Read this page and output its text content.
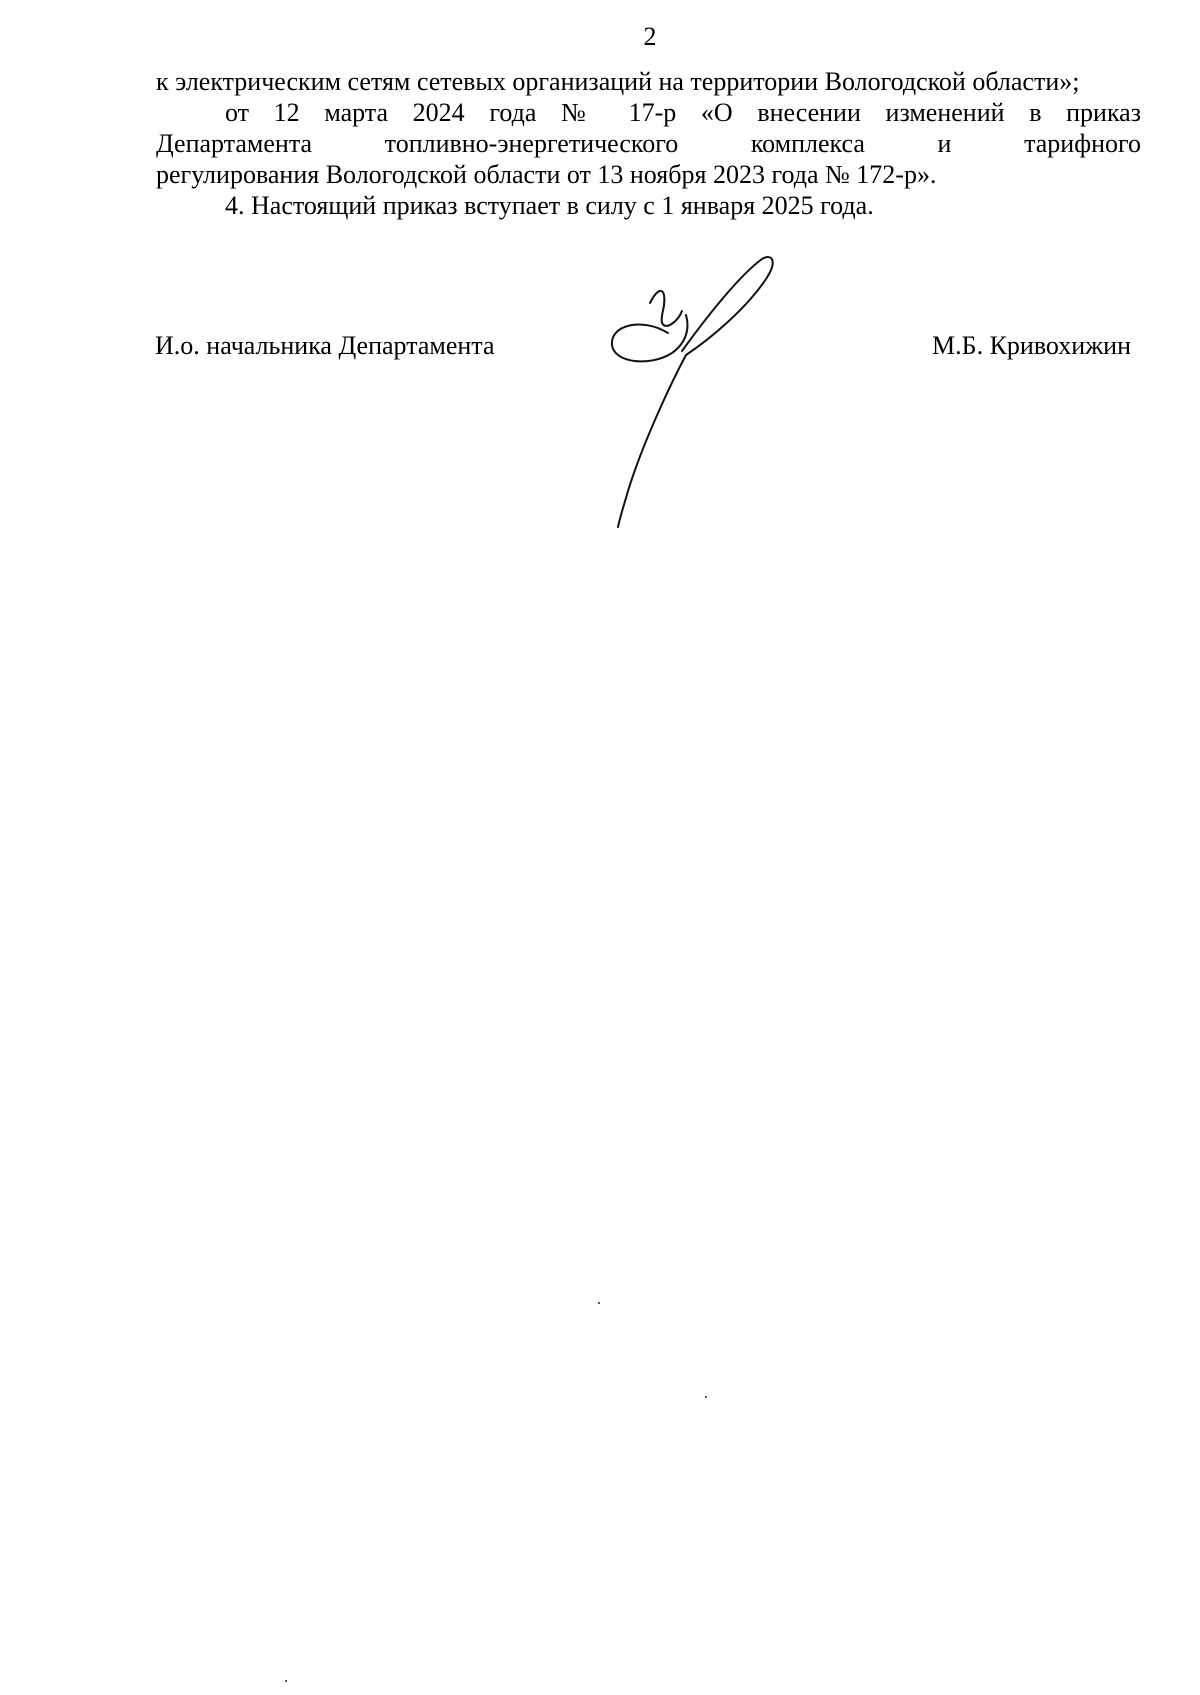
2

к электрическим сетям сетевых организаций на территории Вологодской области»;

от 12 марта 2024 года № 17-р «О внесении изменений в приказ

Департамента топливно-энергетического комплекса и тарифного

регулирования Вологодской области от 13 ноября 2023 года № 172-р».

4. Настоящий приказ вступает в силу с 1 января 2025 года.

И.о. начальника Департамента	М.Б. Кривохижин
